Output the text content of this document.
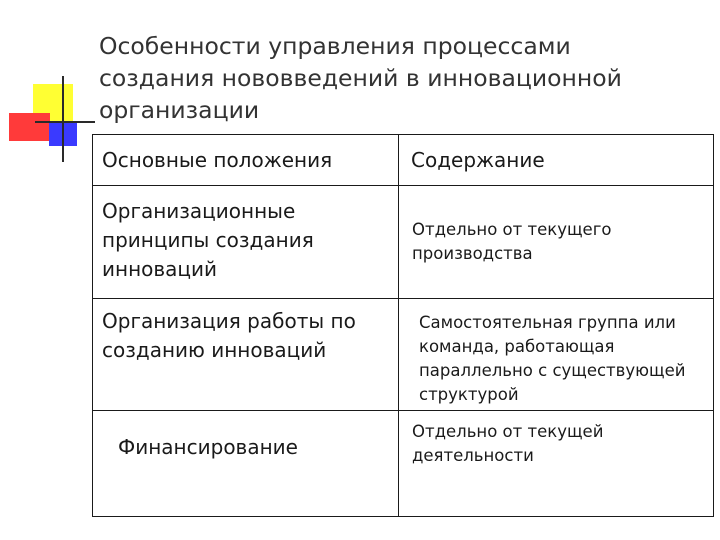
Особенности управления процессами
создания нововведений в инновационной
организации
Основные положения	Содержание

Организационные
принципы создания
инноваций	Отдельно от текущего
производства

Организация работы по
созданию инноваций	Самостоятельная группа или
команда, работающая
параллельно с существующей
структурой

Финансирование	Отдельно от текущей
деятельности
